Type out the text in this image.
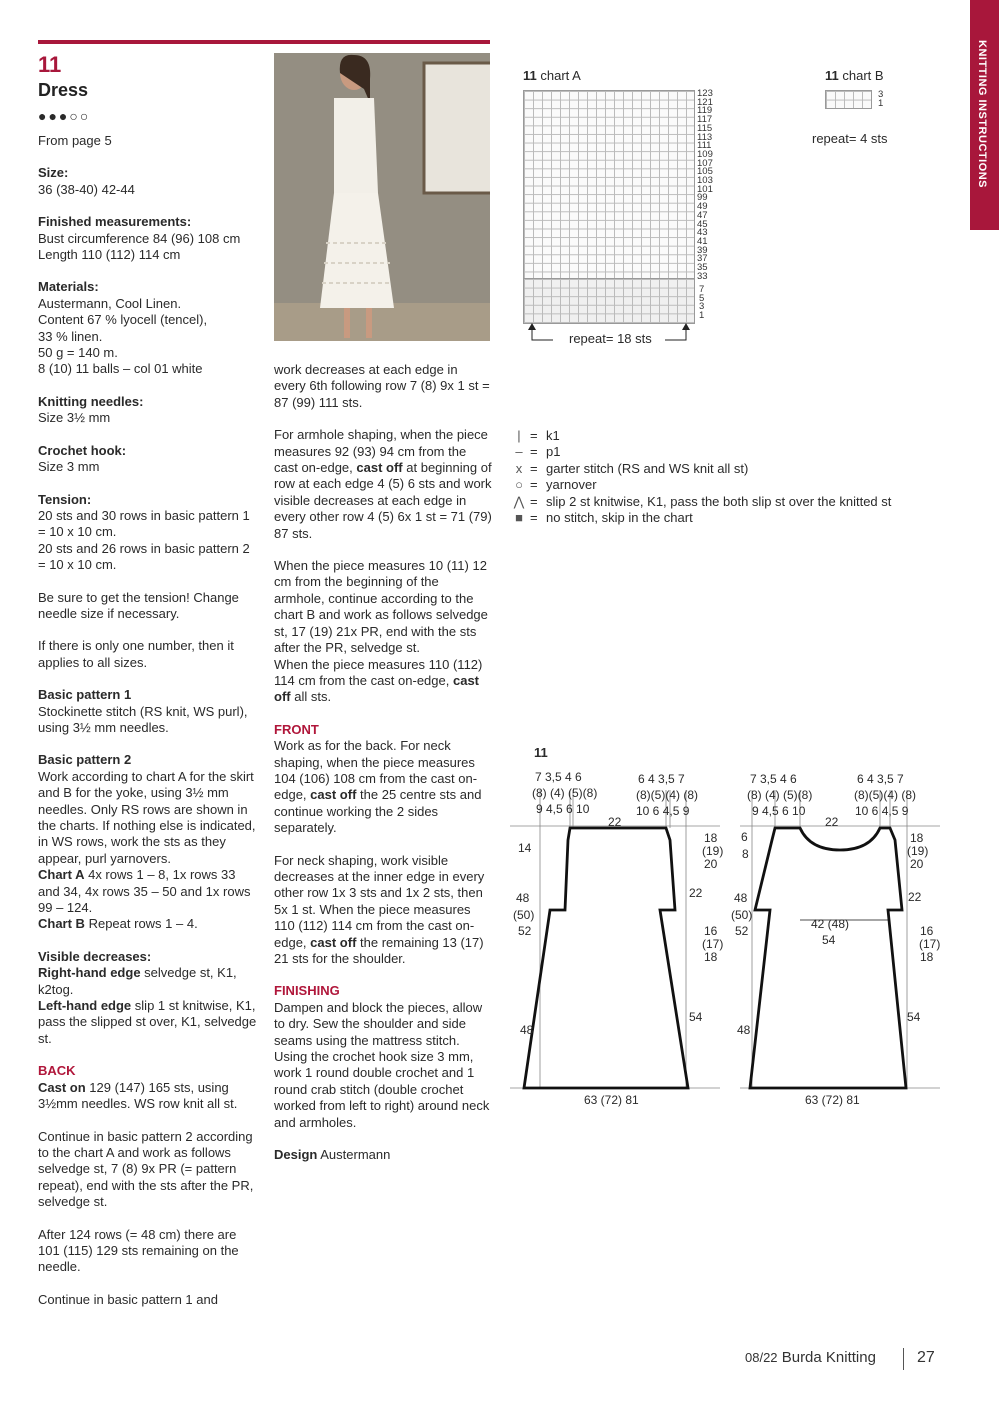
KNITTING INSTRUCTIONS
11
Dress
●●●○○

From page 5

Size:
36 (38-40) 42-44

Finished measurements:
Bust circumference 84 (96) 108 cm
Length 110 (112) 114 cm

Materials:
Austermann, Cool Linen.
Content 67 % lyocell (tencel),
33 % linen.
50 g = 140 m.
8 (10) 11 balls – col 01 white

Knitting needles:
Size 3½ mm

Crochet hook:
Size 3 mm

Tension:
20 sts and 30 rows in basic pattern 1 = 10 x 10 cm.
20 sts and 26 rows in basic pattern 2 = 10 x 10 cm.

Be sure to get the tension! Change needle size if necessary.

If there is only one number, then it applies to all sizes.

Basic pattern 1
Stockinette stitch (RS knit, WS purl), using 3½ mm needles.

Basic pattern 2
Work according to chart A for the skirt and B for the yoke, using 3½ mm needles. Only RS rows are shown in the charts. If nothing else is indicated, in WS rows, work the sts as they appear, purl yarnovers.
Chart A 4x rows 1 – 8, 1x rows 33 and 34, 4x rows 35 – 50 and 1x rows 99 – 124.
Chart B Repeat rows 1 – 4.

Visible decreases:
Right-hand edge selvedge st, K1, k2tog.
Left-hand edge slip 1 st knitwise, K1, pass the slipped st over, K1, selvedge st.

BACK
Cast on 129 (147) 165 sts, using 3½mm needles. WS row knit all st.

Continue in basic pattern 2 according to the chart A and work as follows selvedge st, 7 (8) 9x PR (= pattern repeat), end with the sts after the PR, selvedge st.

After 124 rows (= 48 cm) there are 101 (115) 129 sts remaining on the needle.

Continue in basic pattern 1 and

work decreases at each edge in every 6th following row 7 (8) 9x 1 st = 87 (99) 111 sts.

For armhole shaping, when the piece measures 92 (93) 94 cm from the cast on-edge, cast off at beginning of row at each edge 4 (5) 6 sts and work visible decreases at each edge in every other row 4 (5) 6x 1 st = 71 (79) 87 sts.

When the piece measures 10 (11) 12 cm from the beginning of the armhole, continue according to the chart B and work as follows selvedge st, 17 (19) 21x PR, end with the sts after the PR, selvedge st.

When the piece measures 110 (112) 114 cm from the cast on-edge, cast off all sts.

FRONT
Work as for the back. For neck shaping, when the piece measures 104 (106) 108 cm from the cast on-edge, cast off the 25 centre sts and continue working the 2 sides separately.

For neck shaping, work visible decreases at the inner edge in every other row 1x 3 sts and 1x 2 sts, then 5x 1 st. When the piece measures 110 (112) 114 cm from the cast on-edge, cast off the remaining 13 (17) 21 sts for the shoulder.

FINISHING
Dampen and block the pieces, allow to dry. Sew the shoulder and side seams using the mattress stitch. Using the crochet hook size 3 mm, work 1 round double crochet and 1 round crab stitch (double crochet worked from left to right) around neck and armholes.

Design Austermann

11 chart A
123
121
119
117
115
113
111
109
107
105
103
101
99
49
47
45
43
41
39
37
35
33
7
5
3
1
repeat= 18 sts
11 chart B
3
1
repeat= 4 sts
| = k1
– = p1
x = garter stitch (RS and WS knit all st)
○ = yarnover
⋀ = slip 2 st knitwise, K1, pass the both slip st over the knitted st
■ = no stitch, skip in the chart
11
7 3,5 4 6
(8) (4) (5)(8)
9 4,5 6 10
6 4 3,5 7
(8)(5)(4) (8)
10 6 4,5 9
22
14
18
(19)
20
22
48
(50)
52	16
(17)
18
48
54
63 (72) 81
7 3,5 4 6
(8) (4) (5)(8)
9 4,5 6 10
6 4 3,5 7
(8)(5)(4) (8)
10 6 4,5 9
22
6
8
18
(19)
20
22
48
(50)
52	42 (48)
54
16
(17)
18
48
54
63 (72) 81
08/22 Burda Knitting	27
